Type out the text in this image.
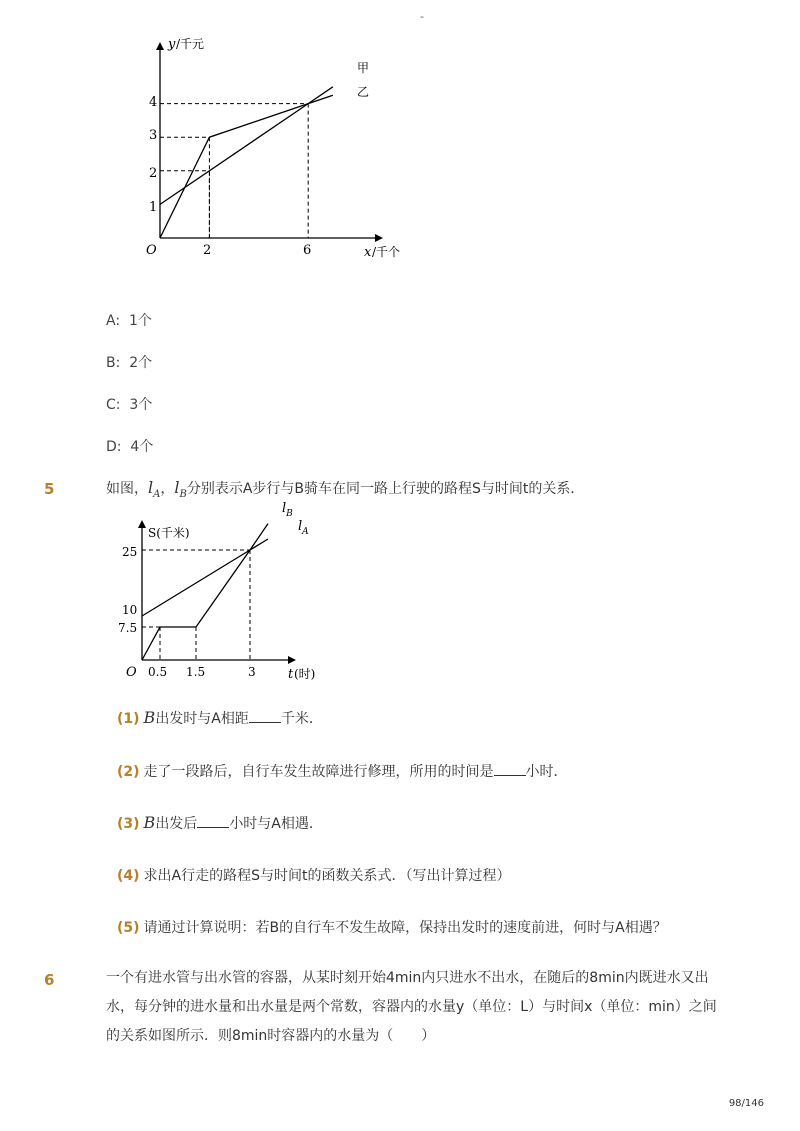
-
y /千元
x /千个
O	2	6
1
2
3
4
甲
乙
A: 1个
B: 2个
C: 3个
D: 4个
5	如图，$l_A$，$l_B$分别表示A步行与B骑车在同一路上行驶的路程S与时间t的关系．
S(千米)
t (时)
O 0.5 1.5	3
7.5
10
25
$l_B$
$l_A$
(1) B出发时与A相距 千米．
(2) 走了一段路后，自行车发生故障进行修理，所用的时间是 小时．
(3) B出发后 小时与A相遇．
(4) 求出A行走的路程S与时间t的函数关系式．（写出计算过程）
(5) 请通过计算说明：若B的自行车不发生故障，保持出发时的速度前进，何时与A相遇？
6	一个有进水管与出水管的容器，从某时刻开始4min内只进水不出水，在随后的8min内既进水又出水，每分钟的进水量和出水量是两个常数，容器内的水量y（单位：L）与时间x（单位：min）之间的关系如图所示．则8min时容器内的水量为（　　）
98/146
